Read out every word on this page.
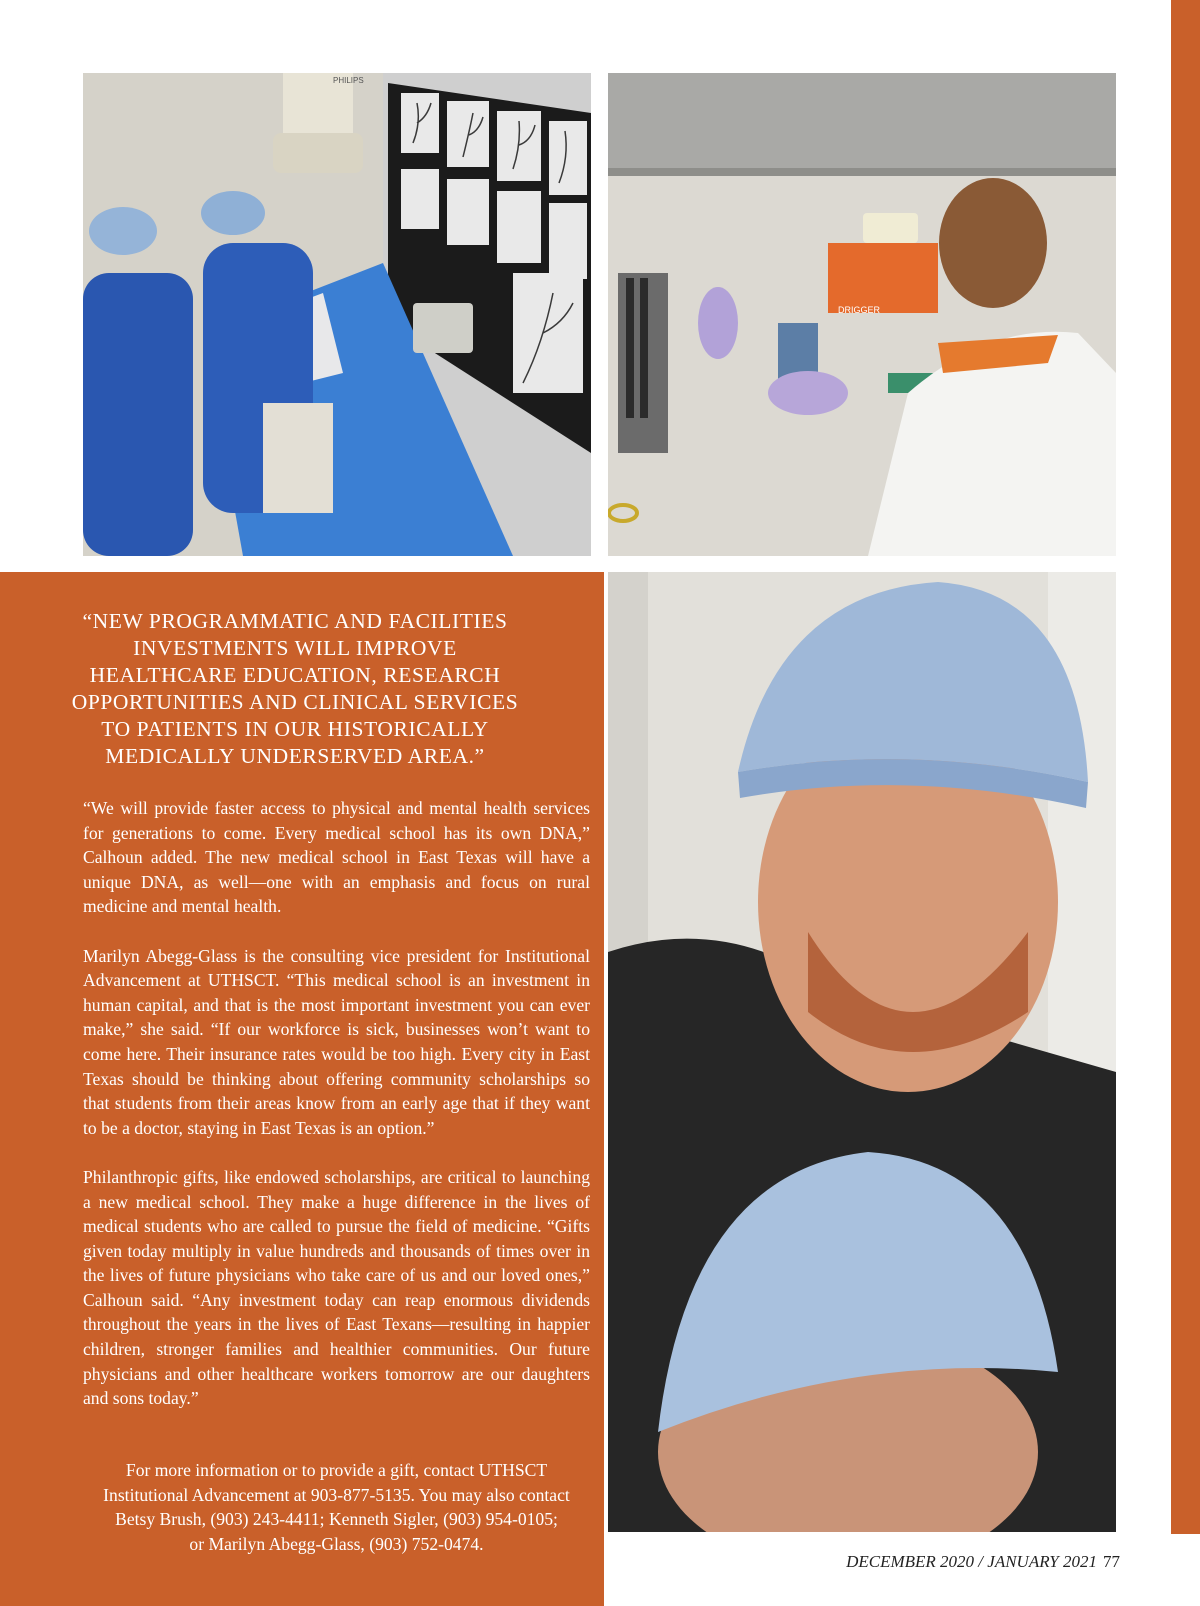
PHILIPS
DRIGGER
“NEW PROGRAMMATIC AND FACILITIES INVESTMENTS WILL IMPROVE HEALTHCARE EDUCATION, RESEARCH OPPORTUNITIES AND CLINICAL SERVICES TO PATIENTS IN OUR HISTORICALLY MEDICALLY UNDERSERVED AREA.”

“We will provide faster access to physical and mental health services for generations to come. Every medical school has its own DNA,” Calhoun added. The new medical school in East Texas will have a unique DNA, as well—one with an emphasis and focus on rural medicine and mental health.

Marilyn Abegg-Glass is the consulting vice president for Institutional Advancement at UTHSCT. “This medical school is an investment in human capital, and that is the most important investment you can ever make,” she said. “If our workforce is sick, businesses won’t want to come here. Their insurance rates would be too high. Every city in East Texas should be thinking about offering community scholarships so that students from their areas know from an early age that if they want to be a doctor, staying in East Texas is an option.”

Philanthropic gifts, like endowed scholarships, are critical to launching a new medical school. They make a huge difference in the lives of medical students who are called to pursue the field of medicine. “Gifts given today multiply in value hundreds and thousands of times over in the lives of future physicians who take care of us and our loved ones,” Calhoun said. “Any investment today can reap enormous dividends throughout the years in the lives of East Texans—resulting in happier children, stronger families and healthier communities. Our future physicians and other healthcare workers tomorrow are our daughters and sons today.”

For more information or to provide a gift, contact UTHSCT
Institutional Advancement at 903-877-5135. You may also contact
Betsy Brush, (903) 243-4411; Kenneth Sigler, (903) 954-0105;
or Marilyn Abegg-Glass, (903) 752-0474.
DECEMBER 2020 / JANUARY 2021 77
